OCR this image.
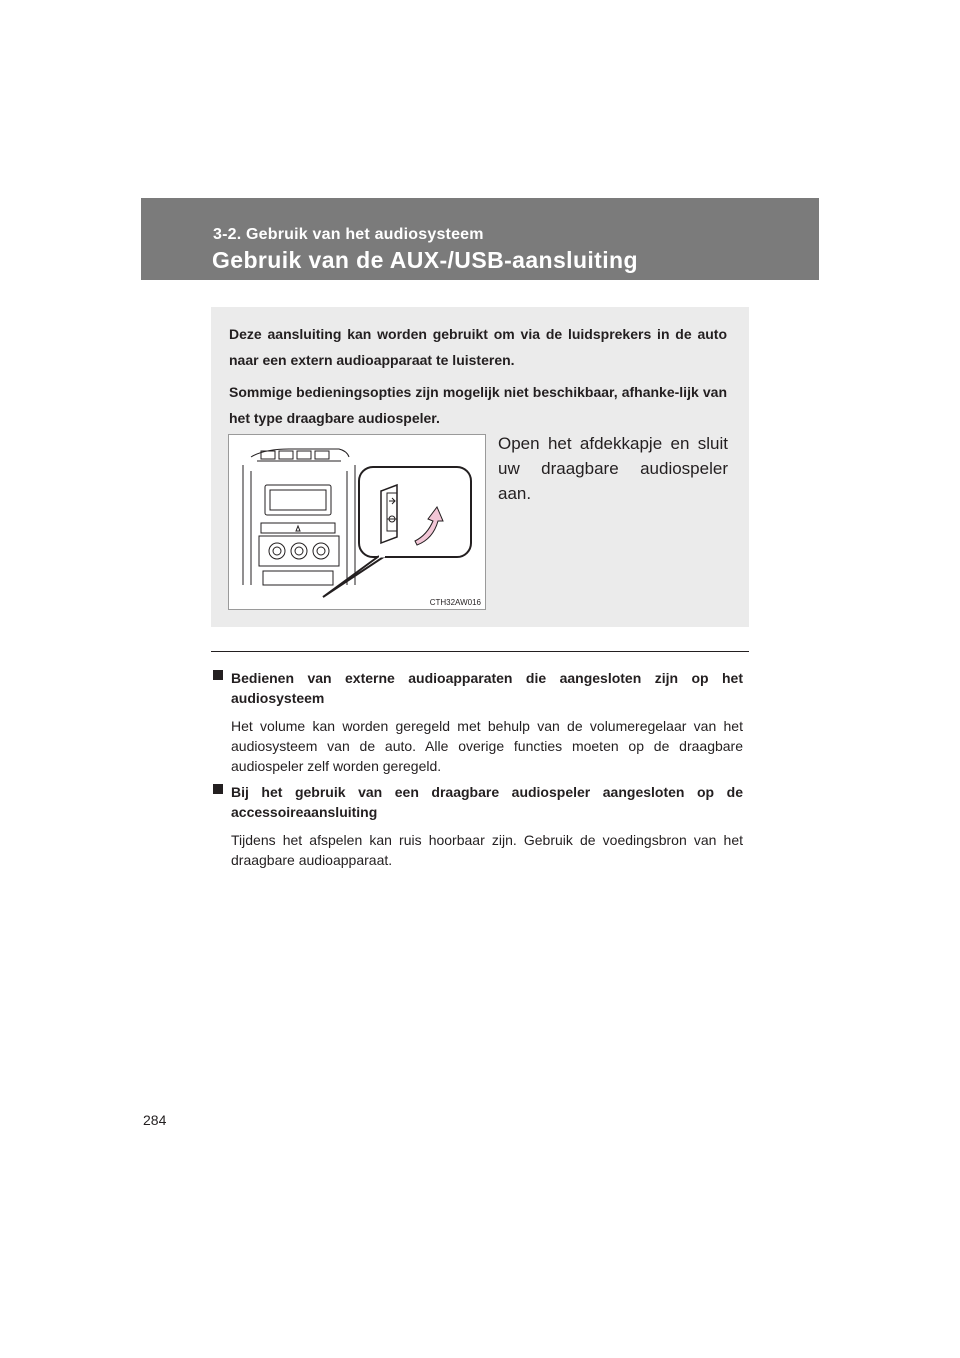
3-2. Gebruik van het audiosysteem
Gebruik van de AUX-/USB-aansluiting

Deze aansluiting kan worden gebruikt om via de luidsprekers in de auto naar een extern audioapparaat te luisteren.

Sommige bedieningsopties zijn mogelijk niet beschikbaar, afhanke-lijk van het type draagbare audiospeler.

CTH32AW016
Open het afdekkapje en sluit uw draagbare audiospeler aan.

Bedienen van externe audioapparaten die aangesloten zijn op het audiosysteem

Het volume kan worden geregeld met behulp van de volumeregelaar van het audiosysteem van de auto. Alle overige functies moeten op de draagbare audiospeler zelf worden geregeld.

Bij het gebruik van een draagbare audiospeler aangesloten op de accessoireaansluiting

Tijdens het afspelen kan ruis hoorbaar zijn. Gebruik de voedingsbron van het draagbare audioapparaat.

284
